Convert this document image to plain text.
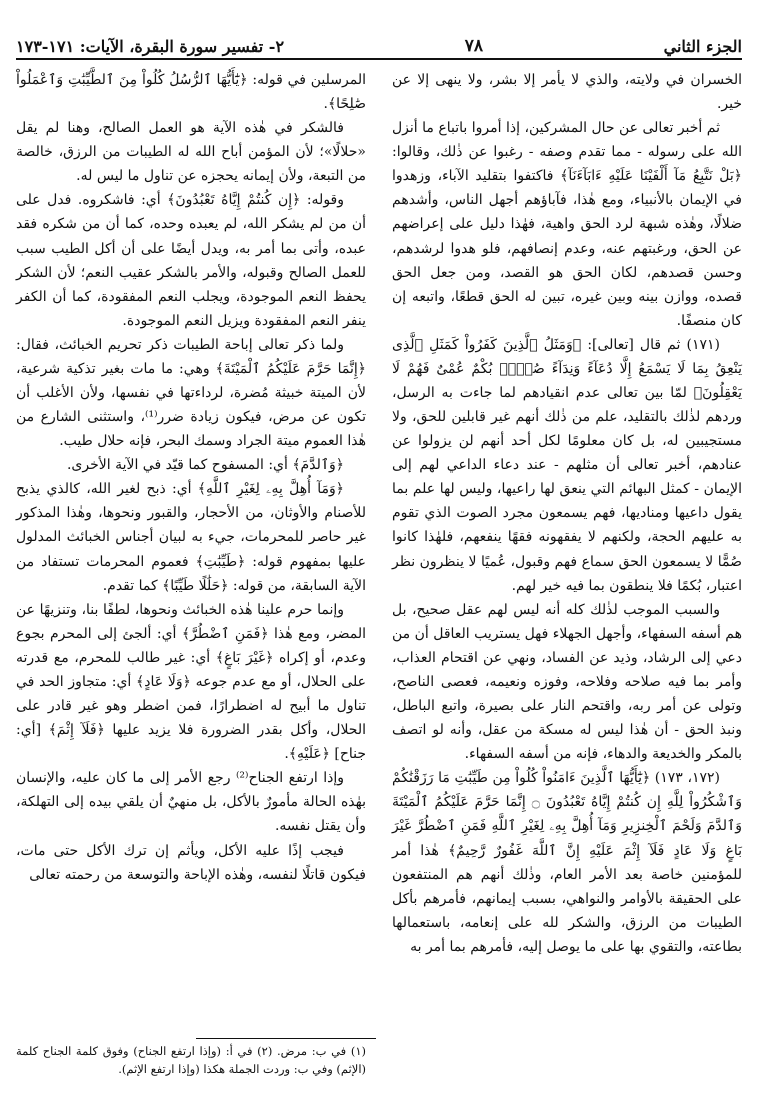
الجزء الثاني
٧٨
٢- تفسير سورة البقرة، الآيات: ١٧١-١٧٣

الخسران في ولايته، والذي لا يأمر إلا بشر، ولا ينهى إلا عن خير.

ثم أخبر تعالى عن حال المشركين، إذا أمروا باتباع ما أنزل الله على رسوله - مما تقدم وصفه - رغبوا عن ذٰلك، وقالوا: ﴿بَلْ نَتَّبِعُ مَآ أَلْفَيْنَا عَلَيْهِ ءَابَآءَنَآ﴾ فاكتفوا بتقليد الآباء، وزهدوا في الإيمان بالأنبياء، ومع هٰذا، فآباؤهم أجهل الناس، وأشدهم ضلالًا، وهٰذه شبهة لرد الحق واهية، فهٰذا دليل على إعراضهم عن الحق، ورغبتهم عنه، وعدم إنصافهم، فلو هدوا لرشدهم، وحسن قصدهم، لكان الحق هو القصد، ومن جعل الحق قصده، ووازن بينه وبين غيره، تبين له الحق قطعًا، واتبعه إن كان منصفًا.

(١٧١) ثم قال [تعالى]: ﴿وَمَثَلُ ٱلَّذِينَ كَفَرُواْ كَمَثَلِ ٱلَّذِى يَنْعِقُ بِمَا لَا يَسْمَعُ إِلَّا دُعَآءً وَنِدَآءً صُمٌّۢ بُكْمٌ عُمْىٌ فَهُمْ لَا يَعْقِلُونَ﴾ لمّا بين تعالى عدم انقيادهم لما جاءت به الرسل، وردهم لذٰلك بالتقليد، علم من ذٰلك أنهم غير قابلين للحق، ولا مستجيبين له، بل كان معلومًا لكل أحد أنهم لن يزولوا عن عنادهم، أخبر تعالى أن مثلهم - عند دعاء الداعي لهم إلى الإيمان - كمثل البهائم التي ينعق لها راعيها، وليس لها علم بما يقول داعيها ومناديها، فهم يسمعون مجرد الصوت الذي تقوم به عليهم الحجة، ولكنهم لا يفقهونه فقهًا ينفعهم، فلهٰذا كانوا صُمًّا لا يسمعون الحق سماع فهم وقبول، عُميًا لا ينظرون نظر اعتبار، بُكمًا فلا ينطقون بما فيه خير لهم.

والسبب الموجب لذٰلك كله أنه ليس لهم عقل صحيح، بل هم أسفه السفهاء، وأجهل الجهلاء فهل يستريب العاقل أن من دعي إلى الرشاد، وذيد عن الفساد، ونهي عن اقتحام العذاب، وأمر بما فيه صلاحه وفلاحه، وفوزه ونعيمه، فعصى الناصح، وتولى عن أمر ربه، واقتحم النار على بصيرة، واتبع الباطل، ونبذ الحق - أن هٰذا ليس له مسكة من عقل، وأنه لو اتصف بالمكر والخديعة والدهاء، فإنه من أسفه السفهاء.

(١٧٢، ١٧٣) ﴿يَٰٓأَيُّهَا ٱلَّذِينَ ءَامَنُواْ كُلُواْ مِن طَيِّبَٰتِ مَا رَزَقْنَٰكُمْ وَٱشْكُرُواْ لِلَّهِ إِن كُنتُمْ إِيَّاهُ تَعْبُدُونَ ۝ إِنَّمَا حَرَّمَ عَلَيْكُمُ ٱلْمَيْتَةَ وَٱلدَّمَ وَلَحْمَ ٱلْخِنزِيرِ وَمَآ أُهِلَّ بِهِۦ لِغَيْرِ ٱللَّهِ فَمَنِ ٱضْطُرَّ غَيْرَ بَاغٍ وَلَا عَادٍ فَلَآ إِثْمَ عَلَيْهِ إِنَّ ٱللَّهَ غَفُورٌ رَّحِيمٌ﴾ هٰذا أمر للمؤمنين خاصة بعد الأمر العام، وذٰلك أنهم هم المنتفعون على الحقيقة بالأوامر والنواهي، بسبب إيمانهم، فأمرهم بأكل الطيبات من الرزق، والشكر لله على إنعامه، باستعمالها بطاعته، والتقوي بها على ما يوصل إليه، فأمرهم بما أمر به

المرسلين في قوله: ﴿يَٰٓأَيُّهَا ٱلرُّسُلُ كُلُواْ مِنَ ٱلطَّيِّبَٰتِ وَٱعْمَلُواْ صَٰلِحًا﴾.

فالشكر في هٰذه الآية هو العمل الصالح، وهنا لم يقل «حلالًا»؛ لأن المؤمن أباح الله له الطيبات من الرزق، خالصة من التبعة، ولأن إيمانه يحجزه عن تناول ما ليس له.

وقوله: ﴿إِن كُنتُمْ إِيَّاهُ تَعْبُدُونَ﴾ أي: فاشكروه. فدل على أن من لم يشكر الله، لم يعبده وحده، كما أن من شكره فقد عبده، وأتى بما أمر به، ويدل أيضًا على أن أكل الطيب سبب للعمل الصالح وقبوله، والأمر بالشكر عقيب النعم؛ لأن الشكر يحفظ النعم الموجودة، ويجلب النعم المفقودة، كما أن الكفر ينفر النعم المفقودة ويزيل النعم الموجودة.

ولما ذكر تعالى إباحة الطيبات ذكر تحريم الخبائث، فقال: ﴿إِنَّمَا حَرَّمَ عَلَيْكُمُ ٱلْمَيْتَةَ﴾ وهي: ما مات بغير تذكية شرعية، لأن الميتة خبيثة مُضرة، لرداءتها في نفسها، ولأن الأغلب أن تكون عن مرض، فيكون زيادة ضرر⁽¹⁾، واستثنى الشارع من هٰذا العموم ميتة الجراد وسمك البحر، فإنه حلال طيب.

﴿وَٱلدَّمَ﴾ أي: المسفوح كما قيّد في الآية الأخرى.

﴿وَمَآ أُهِلَّ بِهِۦ لِغَيْرِ ٱللَّهِ﴾ أي: ذبح لغير الله، كالذي يذبح للأصنام والأوثان، من الأحجار، والقبور ونحوها، وهٰذا المذكور غير حاصر للمحرمات، جيء به لبيان أجناس الخبائث المدلول عليها بمفهوم قوله: ﴿طَيِّبَٰتِ﴾ فعموم المحرمات تستفاد من الآية السابقة، من قوله: ﴿حَلَٰلًا طَيِّبًا﴾ كما تقدم.

وإنما حرم علينا هٰذه الخبائث ونحوها، لطفًا بنا، وتنزيهًا عن المضر، ومع هٰذا ﴿فَمَنِ ٱضْطُرَّ﴾ أي: ألجئ إلى المحرم بجوع وعدم، أو إكراه ﴿غَيْرَ بَاغٍ﴾ أي: غير طالب للمحرم، مع قدرته على الحلال، أو مع عدم جوعه ﴿وَلَا عَادٍ﴾ أي: متجاوز الحد في تناول ما أبيح له اضطرارًا، فمن اضطر وهو غير قادر على الحلال، وأكل بقدر الضرورة فلا يزيد عليها ﴿فَلَآ إِثْمَ﴾ [أي: جناح] ﴿عَلَيْهِ﴾.

وإذا ارتفع الجناح⁽²⁾ رجع الأمر إلى ما كان عليه، والإنسان بهٰذه الحالة مأمورٌ بالأكل، بل منهيٌ أن يلقي بيده إلى التهلكة، وأن يقتل نفسه.

فيجب إذًا عليه الأكل، ويأثم إن ترك الأكل حتى مات، فيكون قاتلًا لنفسه، وهٰذه الإباحة والتوسعة من رحمته تعالى

(١) في ب: مرض. (٢) في أ: (وإذا ارتفع الجناح) وفوق كلمة الجناح كلمة (الإثم) وفي ب: وردت الجملة هكذا (وإذا ارتفع الإثم).
